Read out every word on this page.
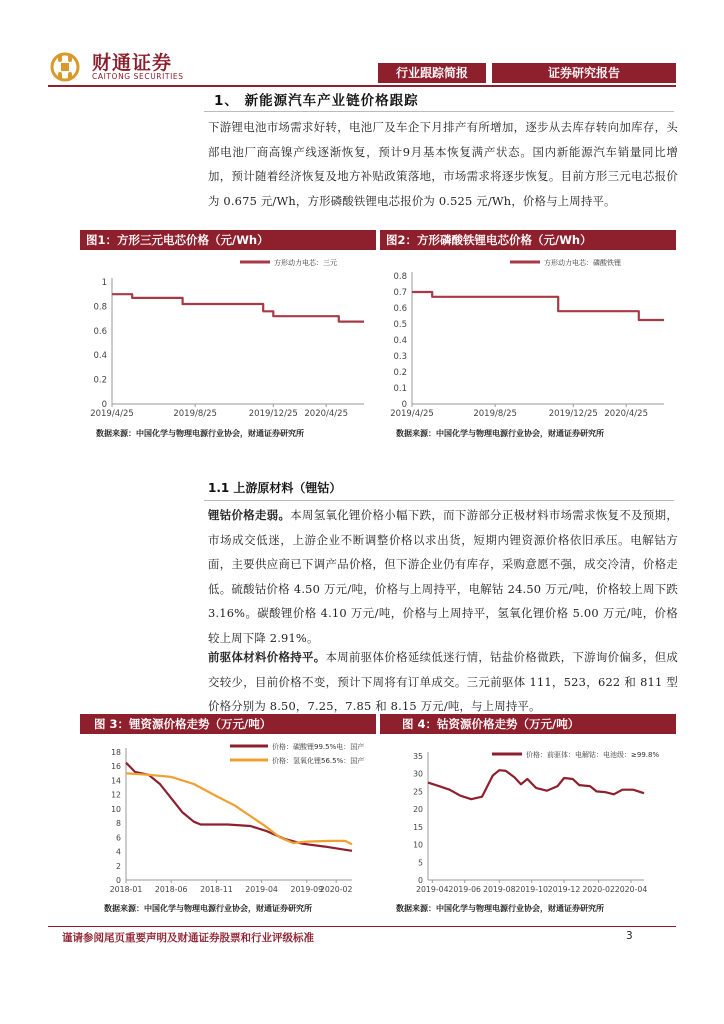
财通证券
CAITONG SECURITIES	行业跟踪简报	证券研究报告
1、 新能源汽车产业链价格跟踪
下游锂电池市场需求好转，电池厂及车企下月排产有所增加，逐步从去库存转向加库存，头部电池厂商高镍产线逐渐恢复，预计9月基本恢复满产状态。国内新能源汽车销量同比增加，预计随着经济恢复及地方补贴政策落地，市场需求将逐步恢复。目前方形三元电芯报价为 0.675 元/Wh，方形磷酸铁锂电芯报价为 0.525 元/Wh，价格与上周持平。
图1：方形三元电芯价格（元/Wh）
0
0.2
0.4
0.6
0.8
1
2019/4/25	2019/8/25	2019/12/25 2020/4/25
方形动力电芯：三元
数据来源：中国化学与物理电源行业协会，财通证券研究所
图2：方形磷酸铁锂电芯价格（元/Wh）
0
0.1
0.2
0.3
0.4
0.5
0.6
0.7
0.8
2019/4/25	2019/8/25	2019/12/25 2020/4/25
方形动力电芯：磷酸铁锂
数据来源：中国化学与物理电源行业协会，财通证券研究所
1.1 上游原材料（锂钴）
锂钴价格走弱。本周氢氧化锂价格小幅下跌，而下游部分正极材料市场需求恢复不及预期，市场成交低迷，上游企业不断调整价格以求出货，短期内锂资源价格依旧承压。电解钴方面，主要供应商已下调产品价格，但下游企业仍有库存，采购意愿不强，成交冷清，价格走低。硫酸钴价格 4.50 万元/吨，价格与上周持平，电解钴 24.50 万元/吨，价格较上周下跌 3.16%。碳酸锂价格 4.10 万元/吨，价格与上周持平，氢氧化锂价格 5.00 万元/吨，价格较上周下降 2.91%。
前驱体材料价格持平。本周前驱体价格延续低迷行情，钴盐价格微跌，下游询价偏多，但成交较少，目前价格不变，预计下周将有订单成交。三元前驱体 111，523，622 和 811 型价格分别为 8.50，7.25，7.85 和 8.15 万元/吨，与上周持平。
图 3：锂资源价格走势（万元/吨）
0
2
4
6
8
10
12
14
16
18
2018-01 2018-06 2018-11 2019-04 2019-09
2020-02
价格：碳酸锂99.5%电：国产
价格：氢氧化锂56.5%：国产
数据来源：中国化学与物理电源行业协会，财通证券研究所
图 4：钴资源价格走势（万元/吨）
0
5
10
15
20
25
30
35
2019-04 2019-06 2019-08 2019-10 2019-12 2020-02 2020-04
价格：前驱体：电解钴：电池级：≥99.8%
数据来源：中国化学与物理电源行业协会，财通证券研究所
谨请参阅尾页重要声明及财通证券股票和行业评级标准	3
